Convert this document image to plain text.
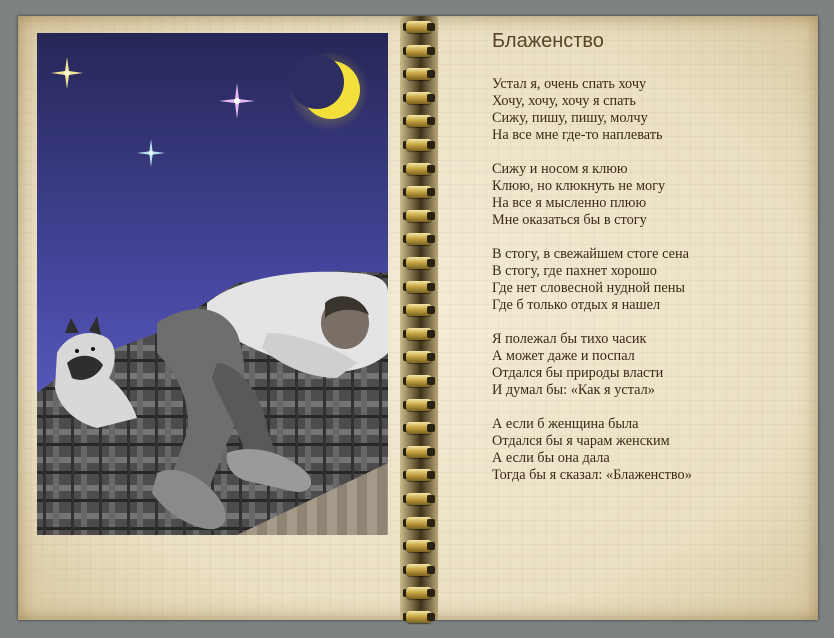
Блаженство

Устал я, очень спать хочу
Хочу, хочу, хочу я спать
Сижу, пишу, пишу, молчу
На все мне где-то наплевать

Сижу и носом я клюю
Клюю, но клюкнуть не могу
На все я мысленно плюю
Мне оказаться бы в стогу

В стогу, в свежайшем стоге сена
В стогу, где пахнет хорошо
Где нет словесной нудной пены
Где б только отдых я нашел

Я полежал бы тихо часик
А может даже и поспал
Отдался бы природы власти
И думал бы: «Как я устал»

А если б женщина была
Отдался бы я чарам женским
А если бы она дала
Тогда бы я сказал: «Блаженство»
